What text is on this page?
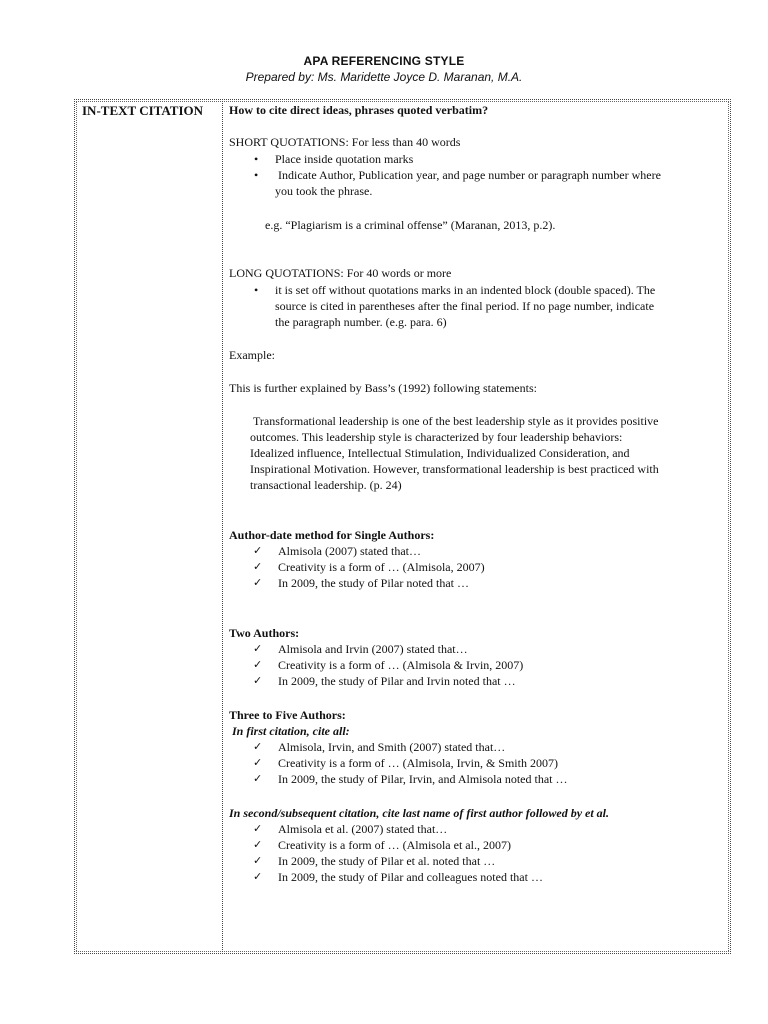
APA REFERENCING STYLE
Prepared by: Ms. Maridette Joyce D. Maranan, M.A.
IN-TEXT CITATION How to cite direct ideas, phrases quoted verbatim?
SHORT QUOTATIONS: For less than 40 words
• Place inside quotation marks
• Indicate Author, Publication year, and page number or paragraph number where
you took the phrase.
e.g. “Plagiarism is a criminal offense” (Maranan, 2013, p.2).
LONG QUOTATIONS: For 40 words or more
• it is set off without quotations marks in an indented block (double spaced). The
source is cited in parentheses after the final period. If no page number, indicate
the paragraph number. (e.g. para. 6)
Example:
This is further explained by Bass’s (1992) following statements:
Transformational leadership is one of the best leadership style as it provides positive
outcomes. This leadership style is characterized by four leadership behaviors:
Idealized influence, Intellectual Stimulation, Individualized Consideration, and
Inspirational Motivation. However, transformational leadership is best practiced with
transactional leadership. (p. 24)
Author-date method for Single Authors:
✓ Almisola (2007) stated that…
✓ Creativity is a form of … (Almisola, 2007)
✓ In 2009, the study of Pilar noted that …
Two Authors:
✓ Almisola and Irvin (2007) stated that…
✓ Creativity is a form of … (Almisola & Irvin, 2007)
✓ In 2009, the study of Pilar and Irvin noted that …
Three to Five Authors:
In first citation, cite all:
✓ Almisola, Irvin, and Smith (2007) stated that…
✓ Creativity is a form of … (Almisola, Irvin, & Smith 2007)
✓ In 2009, the study of Pilar, Irvin, and Almisola noted that …
In second/subsequent citation, cite last name of first author followed by et al.
✓ Almisola et al. (2007) stated that…
✓ Creativity is a form of … (Almisola et al., 2007)
✓ In 2009, the study of Pilar et al. noted that …
✓ In 2009, the study of Pilar and colleagues noted that …
